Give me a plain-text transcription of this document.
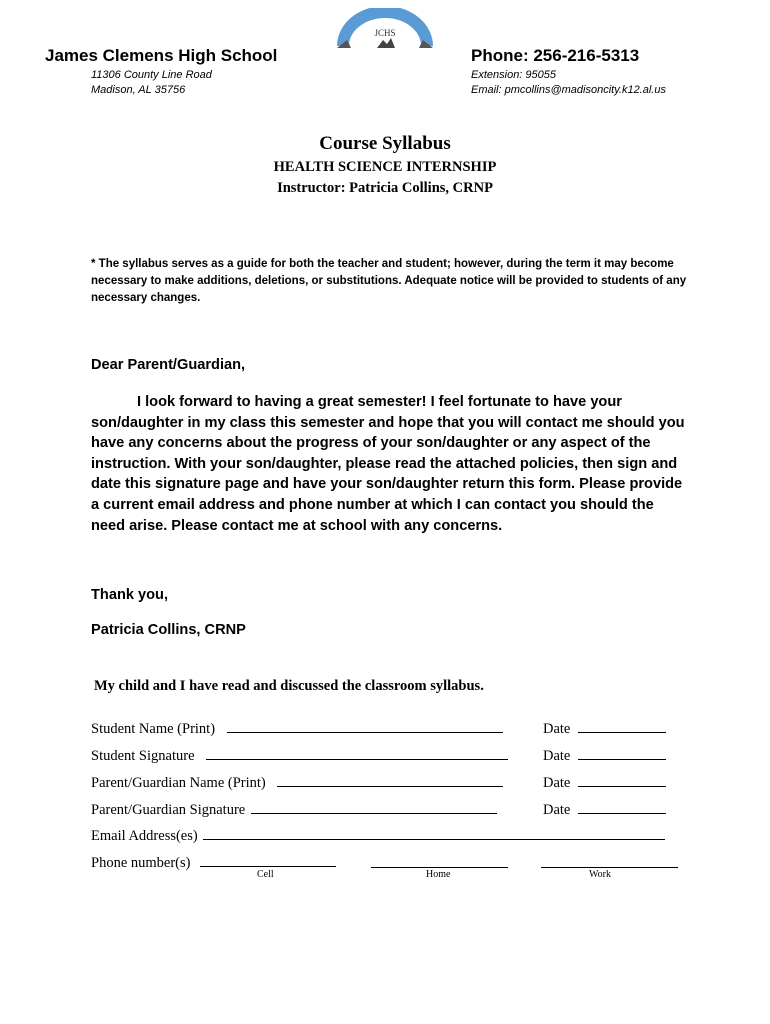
JCHS
James Clemens High School
11306 County Line Road
Madison, AL 35756
Phone: 256-216-5313
Extension: 95055
Email: pmcollins@madisoncity.k12.al.us
Course Syllabus
HEALTH SCIENCE INTERNSHIP
Instructor: Patricia Collins, CRNP
* The syllabus serves as a guide for both the teacher and student; however, during the term it may become necessary to make additions, deletions, or substitutions. Adequate notice will be provided to students of any necessary changes.
Dear Parent/Guardian,
I look forward to having a great semester! I feel fortunate to have your son/daughter in my class this semester and hope that you will contact me should you have any concerns about the progress of your son/daughter or any aspect of the instruction. With your son/daughter, please read the attached policies, then sign and date this signature page and have your son/daughter return this form. Please provide a current email address and phone number at which I can contact you should the need arise. Please contact me at school with any concerns.
Thank you,
Patricia Collins, CRNP
My child and I have read and discussed the classroom syllabus.
Student Name (Print)	Date
Student Signature	Date
Parent/Guardian Name (Print)	Date
Parent/Guardian Signature	Date
Email Address(es)
Phone number(s)
Cell	Home	Work
